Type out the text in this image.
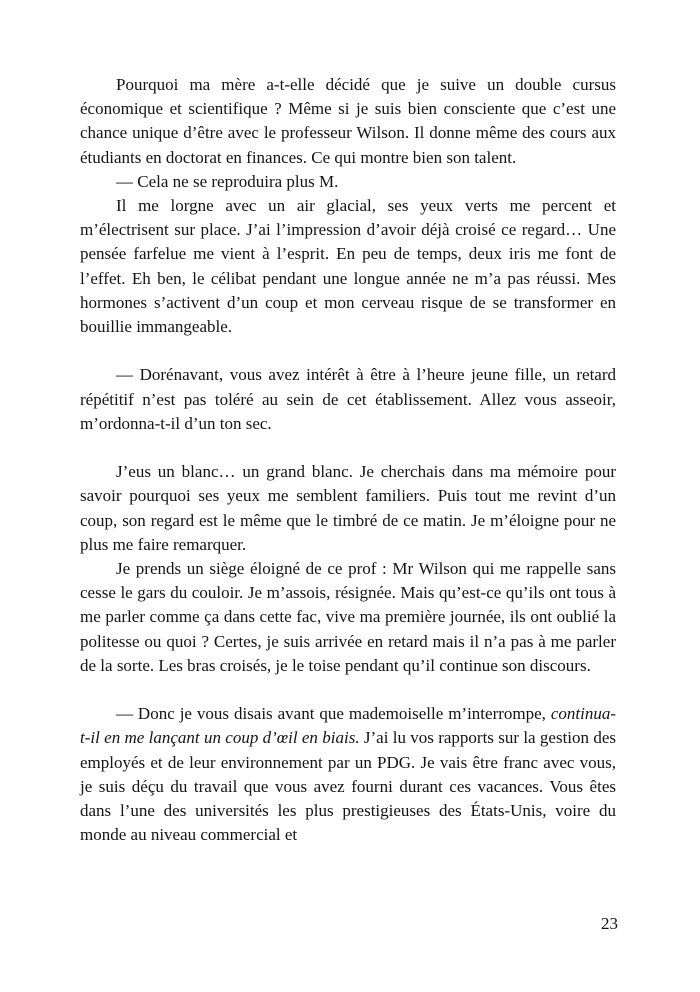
Pourquoi ma mère a-t-elle décidé que je suive un double cursus économique et scientifique ? Même si je suis bien consciente que c’est une chance unique d’être avec le professeur Wilson. Il donne même des cours aux étudiants en doctorat en finances. Ce qui montre bien son talent.

— Cela ne se reproduira plus M.

Il me lorgne avec un air glacial, ses yeux verts me percent et m’électrisent sur place. J’ai l’impression d’avoir déjà croisé ce regard… Une pensée farfelue me vient à l’esprit. En peu de temps, deux iris me font de l’effet. Eh ben, le célibat pendant une longue année ne m’a pas réussi. Mes hormones s’activent d’un coup et mon cerveau risque de se transformer en bouillie immangeable.

— Dorénavant, vous avez intérêt à être à l’heure jeune fille, un retard répétitif n’est pas toléré au sein de cet établissement. Allez vous asseoir, m’ordonna-t-il d’un ton sec.

J’eus un blanc… un grand blanc. Je cherchais dans ma mémoire pour savoir pourquoi ses yeux me semblent familiers. Puis tout me revint d’un coup, son regard est le même que le timbré de ce matin. Je m’éloigne pour ne plus me faire remarquer.

Je prends un siège éloigné de ce prof : Mr Wilson qui me rappelle sans cesse le gars du couloir. Je m’assois, résignée. Mais qu’est-ce qu’ils ont tous à me parler comme ça dans cette fac, vive ma première journée, ils ont oublié la politesse ou quoi ? Certes, je suis arrivée en retard mais il n’a pas à me parler de la sorte. Les bras croisés, je le toise pendant qu’il continue son discours.

— Donc je vous disais avant que mademoiselle m’interrompe, continua-t-il en me lançant un coup d’œil en biais. J’ai lu vos rapports sur la gestion des employés et de leur environnement par un PDG. Je vais être franc avec vous, je suis déçu du travail que vous avez fourni durant ces vacances. Vous êtes dans l’une des universités les plus prestigieuses des États-Unis, voire du monde au niveau commercial et

23
